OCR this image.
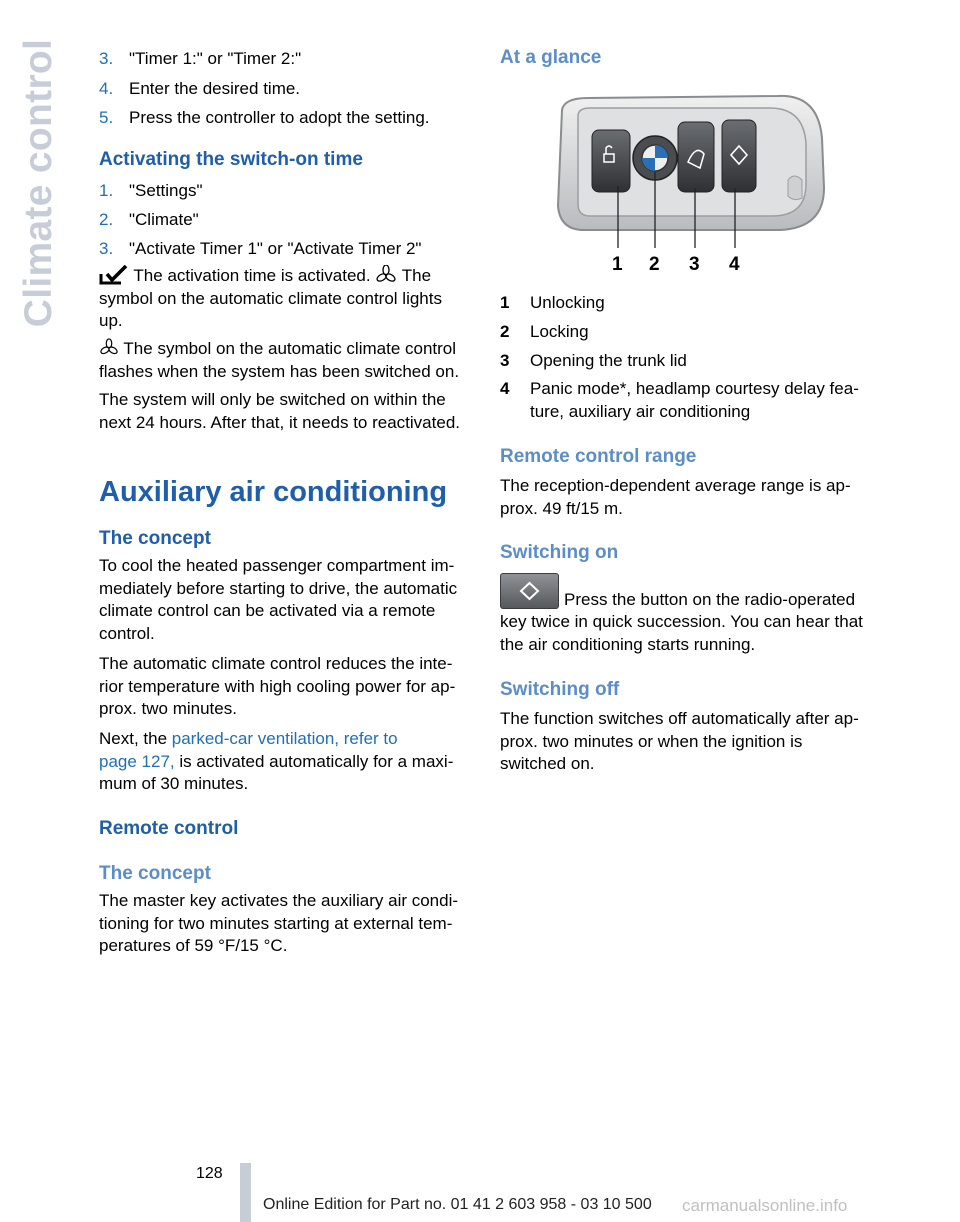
Climate control 3. "Timer 1:" or "Timer 2:"
4. Enter the desired time.
5. Press the controller to adopt the setting.
Activating the switch-on time
1. "Settings"
2. "Climate"
3. "Activate Timer 1" or "Activate Timer 2"
The activation time is activated. The
symbol on the automatic climate control lights
up.
The symbol on the automatic climate control
flashes when the system has been switched on.
The system will only be switched on within the
next 24 hours. After that, it needs to reactivated.
Auxiliary air conditioning
The concept
To cool the heated passenger compartment im-
mediately before starting to drive, the automatic
climate control can be activated via a remote
control.
The automatic climate control reduces the inte-
rior temperature with high cooling power for ap-
prox. two minutes.
Next, the parked-car ventilation, refer to
page 127, is activated automatically for a maxi-
mum of 30 minutes.
Remote control
The concept
The master key activates the auxiliary air condi-
tioning for two minutes starting at external tem-
peratures of 59 °F/15 °C.
At a glance
1 Unlocking
2 Locking
3 Opening the trunk lid
4 Panic mode*, headlamp courtesy delay fea-
ture, auxiliary air conditioning
Remote control range
The reception-dependent average range is ap-
prox. 49 ft/15 m.
Switching on
Press the button on the radio-operated
key twice in quick succession. You can hear that
the air conditioning starts running.
Switching off
The function switches off automatically after ap-
prox. two minutes or when the ignition is
switched on.
1 2 3 4
128
Online Edition for Part no. 01 41 2 603 958 - 03 10 500 carmanualsonline.info
